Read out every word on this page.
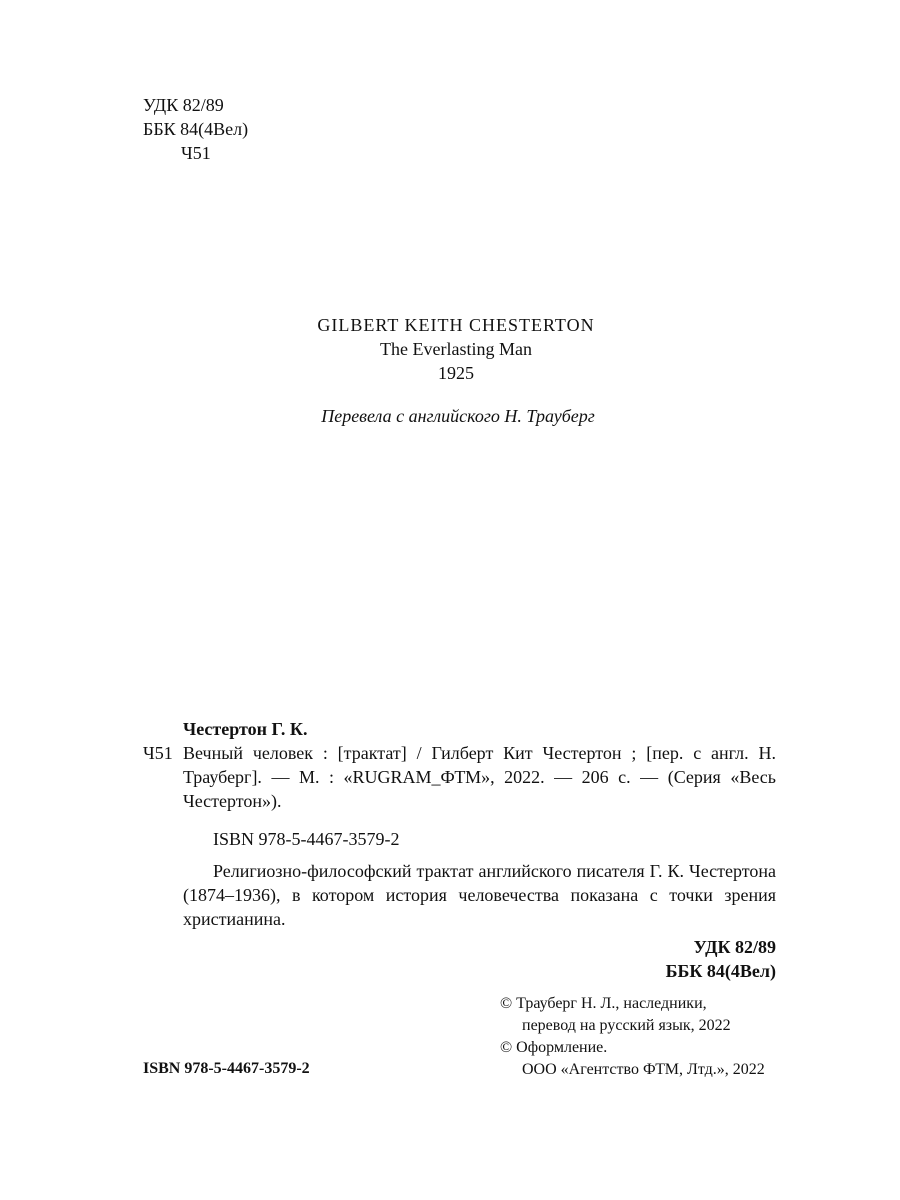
УДК 82/89
ББК 84(4Вел)
Ч51
GILBERT KEITH CHESTERTON
The Everlasting Man
1925
Перевела с английского Н. Трауберг
Честертон Г. К.
Ч51 Вечный человек : [трактат] / Гилберт Кит Честертон ; [пер. с англ. Н. Трауберг]. — М. : «RUGRAM_ФТМ», 2022. — 206 с. — (Серия «Весь Честертон»).
ISBN 978-5-4467-3579-2
Религиозно-философский трактат английского писателя Г. К. Честертона (1874–1936), в котором история человечества показана с точки зрения христианина.
УДК 82/89
ББК 84(4Вел)
ISBN 978-5-4467-3579-2
© Трауберг Н. Л., наследники,
перевод на русский язык, 2022
© Оформление.
ООО «Агентство ФТМ, Лтд.», 2022
